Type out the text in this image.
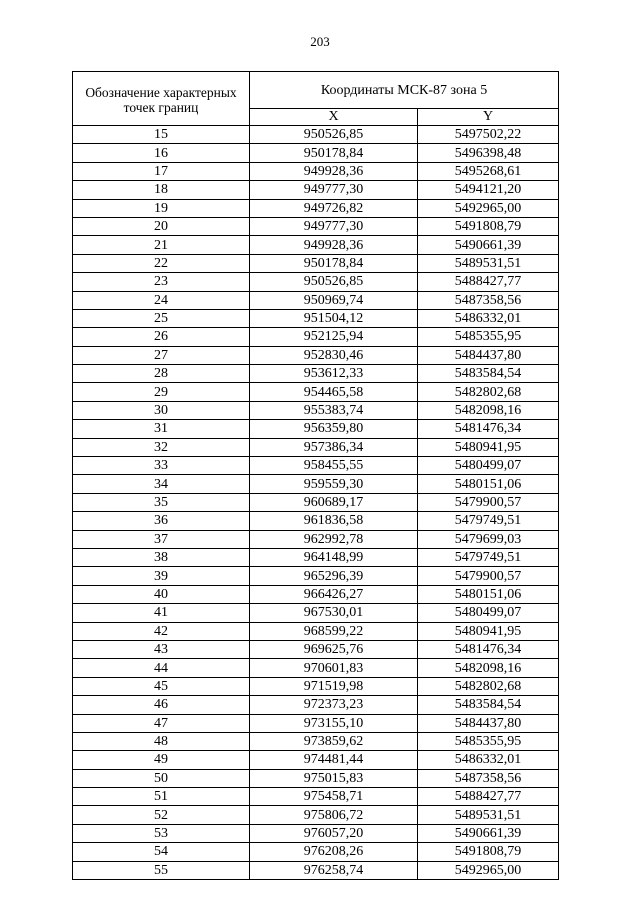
203
Обозначение характерных точек границ	Координаты МСК-87 зона 5	
	X	Y
15	950526,85	5497502,22
16	950178,84	5496398,48
17	949928,36	5495268,61
18	949777,30	5494121,20
19	949726,82	5492965,00
20	949777,30	5491808,79
21	949928,36	5490661,39
22	950178,84	5489531,51
23	950526,85	5488427,77
24	950969,74	5487358,56
25	951504,12	5486332,01
26	952125,94	5485355,95
27	952830,46	5484437,80
28	953612,33	5483584,54
29	954465,58	5482802,68
30	955383,74	5482098,16
31	956359,80	5481476,34
32	957386,34	5480941,95
33	958455,55	5480499,07
34	959559,30	5480151,06
35	960689,17	5479900,57
36	961836,58	5479749,51
37	962992,78	5479699,03
38	964148,99	5479749,51
39	965296,39	5479900,57
40	966426,27	5480151,06
41	967530,01	5480499,07
42	968599,22	5480941,95
43	969625,76	5481476,34
44	970601,83	5482098,16
45	971519,98	5482802,68
46	972373,23	5483584,54
47	973155,10	5484437,80
48	973859,62	5485355,95
49	974481,44	5486332,01
50	975015,83	5487358,56
51	975458,71	5488427,77
52	975806,72	5489531,51
53	976057,20	5490661,39
54	976208,26	5491808,79
55	976258,74	5492965,00
